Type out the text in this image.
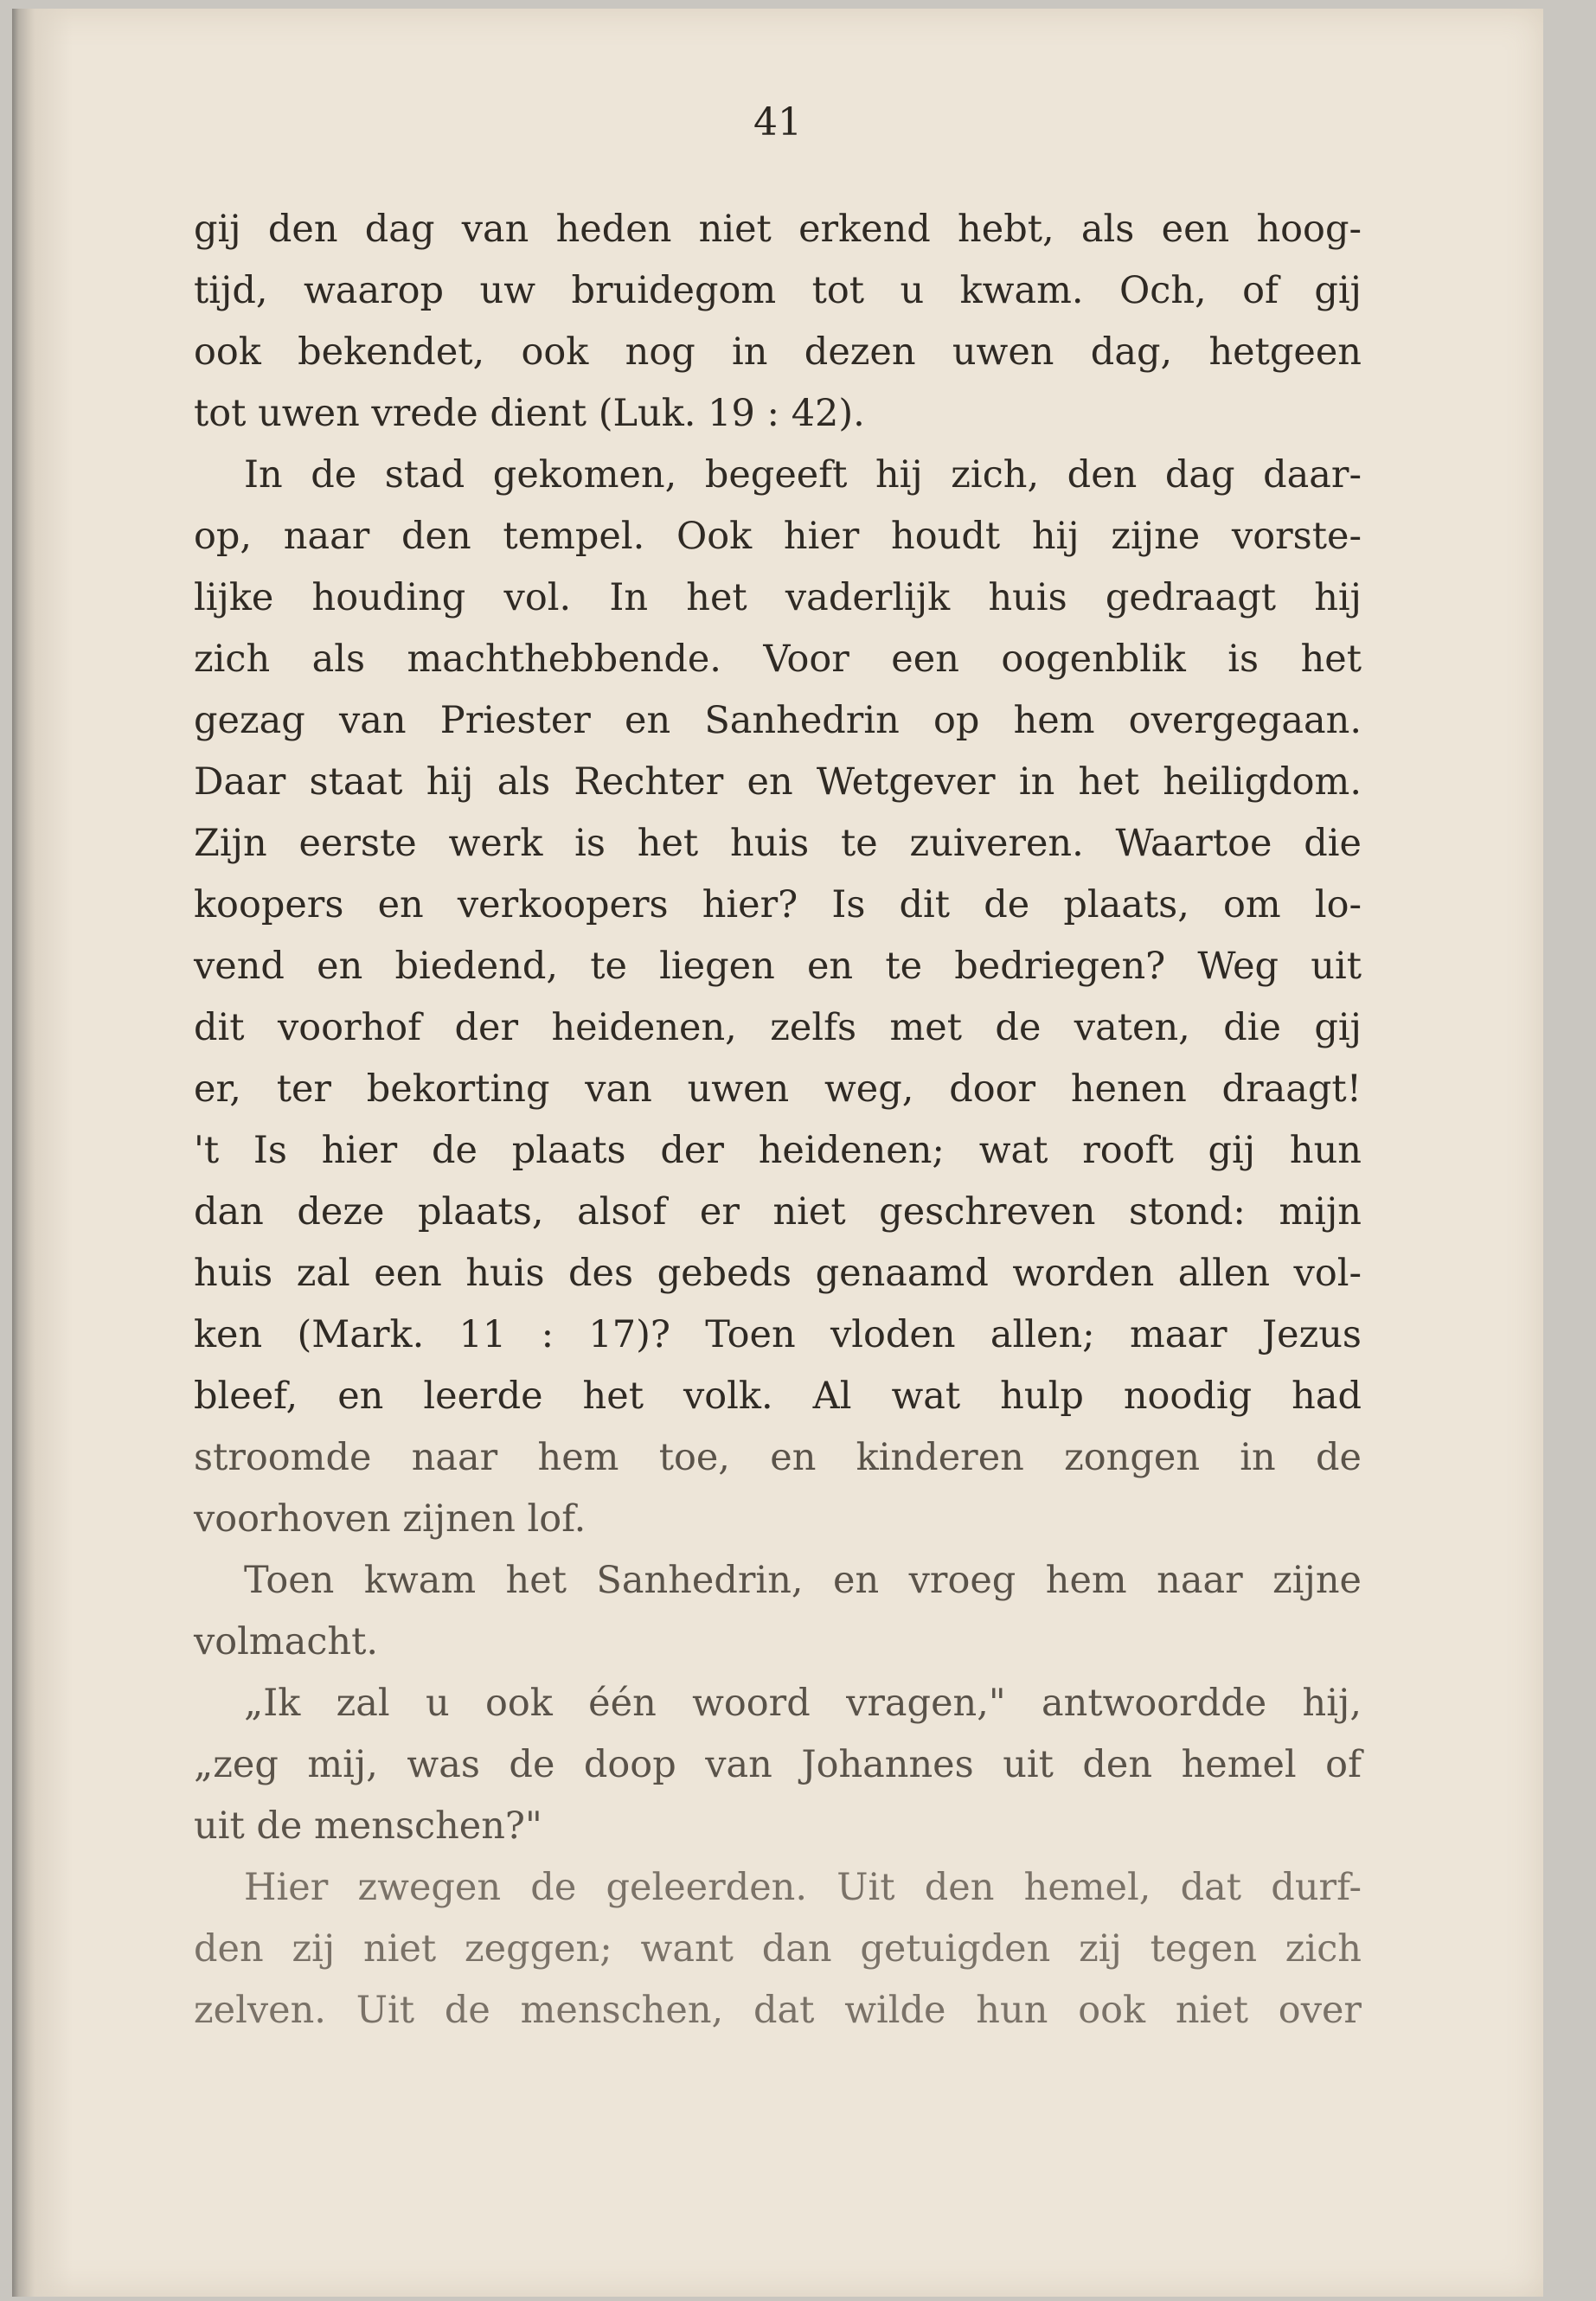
41
gij den dag van heden niet erkend hebt, als een hoog-
tijd, waarop uw bruidegom tot u kwam. Och, of gij
ook bekendet, ook nog in dezen uwen dag, hetgeen
tot uwen vrede dient (Luk. 19 : 42).
In de stad gekomen, begeeft hij zich, den dag daar-
op, naar den tempel. Ook hier houdt hij zijne vorste-
lijke houding vol. In het vaderlijk huis gedraagt hij
zich als machthebbende. Voor een oogenblik is het
gezag van Priester en Sanhedrin op hem overgegaan.
Daar staat hij als Rechter en Wetgever in het heiligdom.
Zijn eerste werk is het huis te zuiveren. Waartoe die
koopers en verkoopers hier? Is dit de plaats, om lo-
vend en biedend, te liegen en te bedriegen? Weg uit
dit voorhof der heidenen, zelfs met de vaten, die gij
er, ter bekorting van uwen weg, door henen draagt!
't Is hier de plaats der heidenen; wat rooft gij hun
dan deze plaats, alsof er niet geschreven stond: mijn
huis zal een huis des gebeds genaamd worden allen vol-
ken (Mark. 11 : 17)? Toen vloden allen; maar Jezus
bleef, en leerde het volk. Al wat hulp noodig had
stroomde naar hem toe, en kinderen zongen in de
voorhoven zijnen lof.
Toen kwam het Sanhedrin, en vroeg hem naar zijne
volmacht.
„Ik zal u ook één woord vragen," antwoordde hij,
„zeg mij, was de doop van Johannes uit den hemel of
uit de menschen?"
Hier zwegen de geleerden. Uit den hemel, dat durf-
den zij niet zeggen; want dan getuigden zij tegen zich
zelven. Uit de menschen, dat wilde hun ook niet over
